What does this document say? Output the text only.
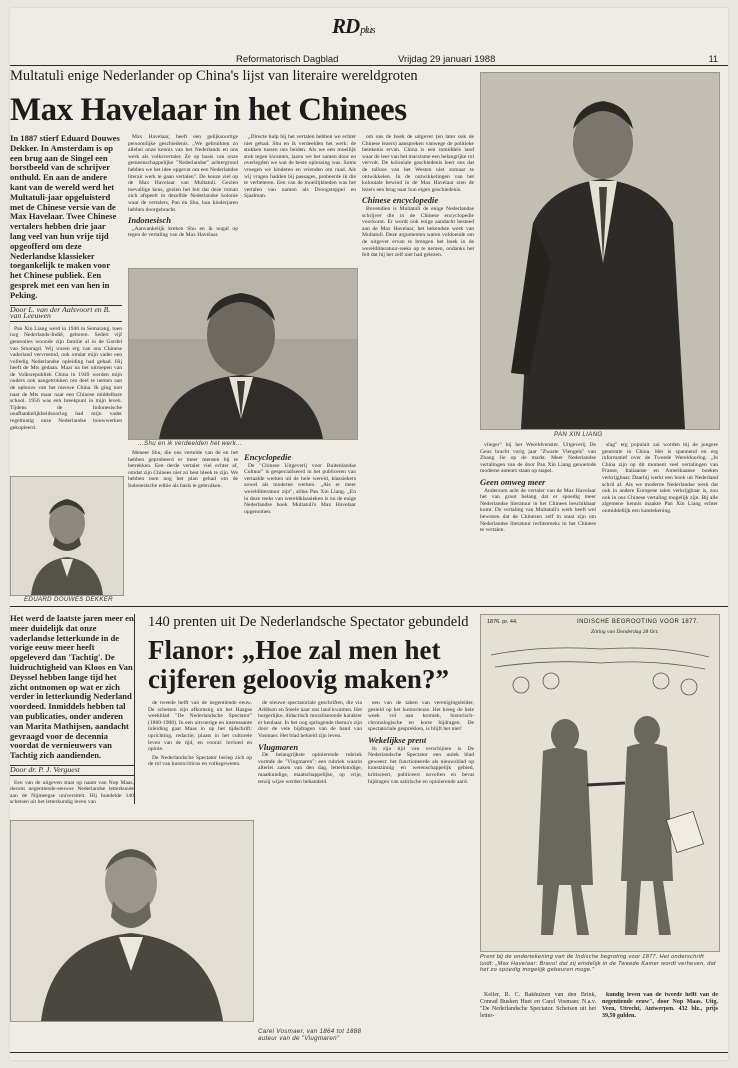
RDplus
Reformatorisch Dagblad	Vrijdag 29 januari 1988	11
Multatuli enige Nederlander op China's lijst van literaire wereldgroten
Max Havelaar in het Chinees
In 1887 stierf Eduard Douwes Dekker. In Amsterdam is op een brug aan de Singel een borstbeeld van de schrijver onthuld. En aan de andere kant van de wereld werd het Multatuli-jaar opgeluisterd met de Chinese versie van de Max Havelaar. Twee Chinese vertalers hebben drie jaar lang veel van hun vrije tijd opgeofferd om deze Nederlandse klassieker toegankelijk te maken voor het Chinese publiek. Een gesprek met een van hen in Peking.
Door L. van der Aalsvoort en B. van Leeuwen

Pan Xin Liang werd in 1940 in Semarang, toen nog Nederlands-Indië, geboren. Sedert vijf generaties woonde zijn familie al in de Gordel van Smaragd. Wij waren erg van ons Chinese vaderland vervreemd, ook omdat mijn vader een volledig Nederlandse opleiding had gehad. Hij heeft de Mts gedaan. Maar na het uitroepen van de Volksrepubliek China in 1949 werden mijn ouders ook aangetrokken om deel te nemen aan de opbouw van het nieuwe China. Ik ging niet naar de Mts maar naar een Chinese middelbare school. 1956 was een breekpunt in mijn leven. Tijdens de Indonesische onafhankelijkheidsoorlog had mijn vader regelmatig onze Nederlandse bouwwerken gekopieerd.

EDUARD DOUWES DEKKER

Max Havelaar, heeft een gelijksoortige persoonlijke geschiedenis. „We gebruikten zo allebei onze kennis van het Nederlands en ons werk als volksvertaler. Ze op basis van onze gemeenschappelijke "Nederlandse" achtergrond hebben we het idee opgevat om een Nederlandse literair werk te gaan vertalen". De keuze viel op de Max Havelaar van Multatuli. Gezien toevallige keus, gezien het feit dat deze roman zich afspeelt in dezelfde Nederlandse kolonie waar de vertalers, Pan en Shu, hun kinderjaren hebben doorgebracht.

Indonesisch

„Aanvankelijk kreken Shu en ik nogal op tegen de vertaling van de Max Havelaar.

„Directe hulp bij het vertalen hebben we echter niet gehad. Shu en ik verdeelden het werk: de stukken tussen ons beiden. Als we een moeilijk stuk tegen kwamen, lazen we het samen door en overlegden we wat de beste oplossing was. Soms vroegen we kinderen en vrienden om raad. Als wij vragen hadden bij passages, probeerde ik die te verbeteren. Een van de moeilijkheden was het vertalen van namen als Droogstoppel en Sjaalman.

...Shu en ik verdeelden het werk...

Meneer Shu, die ons vertelde van de en het hebben geprobeerd er meer mensen bij te betrekken. Een derde vertaler viel echter af, omdat zijn Chinees niet zo best bleek te zijn. We hebben toen nog het plan gehad om de Indonesische editie als basis te gebruiken.

Encyclopedie

De "Chinese Uitgeverij voor Buitenlandse Cultuur" is gespecialiseerd in het publiceren van vertaalde werken uit de hele wereld, klassiekers zowel als moderne werken. „Als er meer wereldliteratuur zijn", aldus Pan Xin Liang. „En in deze reeks van wereldklassieken is nu de enige Nederlandse boek Multatuli's Max Havelaar opgenomen.

om ons de boek de uitgever (en later ook de Chinese lezers) aanspreken vanwege de politieke betekenis ervan. China is een inmiddels land waar de leer van het marxisme een belangrijke rol vervult. De koloniale geschiedenis leert ons dat de talloos van het Westen niet zomaar te ontwikkelen. In de ontwikkelingen van het koloniale bewind in de Max Havelaar zien de lezers een brug naar hun eigen geschiedenis.

Chinese encyclopedie

Bovendien is Multatuli de enige Nederlandse schrijver die in de Chinese encyclopedie voorkomt. Er wordt ook enige aandacht besteed aan de Max Havelaar, het bekendste werk van Multatuli. Deze argumenten waren voldoende om de uitgever ervan te brengen het boek in de wereldliteratuur-reeks op te nemen, ondanks het feit dat hij het zelf niet had gelezen.

PAN XIN LIANG

vlieger" bij het Wereldvenster. Uitgeverij De Geus bracht vorig jaar "Zwarte Vlengels" van Zhang Jie op de markt. Meer Nederlandse vertalingen van de door Pan Xin Liang genoemde moderne auteurs staan op stapel.

Geen omweg meer

Anderzom acht de vertaler van de Max Havelaar het van groot belang dat er spoedig meer Nederlandse literatuur in het Chinees beschikbaar komt. De vertaling van Multatuli's werk heeft wel bewezen dat de Chinezen zelf in staat zijn om Nederlandse literatuur rechtstreeks in het Chinees te vertalen.

slag" erg populair zal worden bij de jongere generatie in China. Het is spannend en erg informatief over de Tweede Wereldoorlog. „In China zijn op dit moment veel vertalingen van Franse, Italiaanse en Amerikaanse boeken verkrijgbaar. Daarbij werkt een boek uit Nederland schril af. Als we moderne Nederlandse werk dat ook in andere Europese talen verkrijgbaar is, zou ook in ons Chinese vertaling mogelijk zijn. Bij alle algemene kennis maakte Pan Xin Liang echter onmiddellijk een kanttekening.

Het werd de laatste jaren meer en meer duidelijk dat onze vaderlandse letterkunde in de vorige eeuw meer heeft opgeleverd dan 'Tachtig'. De luidruchtigheid van Kloos en Van Deyssel hebben lange tijd het zicht ontnomen op wat er zich verder in letterkundig Nederland voordeed. Inmiddels hebben tal van publicaties, onder anderen van Marita Mathijsen, aandacht gevraagd voor de decennia voordat de vernieuwers van Tachtig zich aandienden.
Door dr. P. J. Verguest

Een van de uitgeven staat op naam van Nop Maas, docent negentiende-eeuwse Nederlandse letterkunde aan de Nijmeegse universiteit. Hij bundelde 140 schetsen uit het letterkundig leven van

140 prenten uit De Nederlandsche Spectator gebundeld
Flanor: „Hoe zal men het cijferen geloovig maken?”

de tweede helft van de negentiende eeuw. De schetsen zijn afkomstig uit het Haagse weekblad "De Nederlandsche Spectator" (1860-1908). In een uitvoerige en interessante inleiding gaat Maas in op het tijdschrift: oprichting, redactie, plaats in het culturele leven van de tijd, en vooral: invloed en opinie.

De Nederlandsche Spectator beriep zich op de rol van kunstcriticus en volksgeweten.

de nieuwe spectatoriale geschriften, die via Addison en Steele naar ons land kwamen. Het burgerlijke, didactisch moraliserende karakter er kenbaar. In het oog springende thema's zijn door de vele bijdragen van de hand van Vosmaer. Het blad behield zijn leven.

Vlugmaren

De belangrijkste opinierende rubriek vormde de "Vlugmaren": een rubriek waarin allerlei zaken van den dag, letterkundige, maatkundige, maatschappelijke, op vrije, tenzij wijze werden behandeld.

een van de taken van verenigingsleider, gesteld op het humorieuze. Het kreeg de hele week vol aan kroniek, historisch-chronologische en korte bijdragen. De spectatoriale gesprekken, is blijft het niet!

Wekelijkse prent

In zijn tijd van verschijnen is De Nederlandsche Spectator een uniek blad geweest: het functioneerde als nieuwsblad op kunstzinnig en wetenschappelijk gebied, kritisceert, publiceert novellen en bevat bijdragen van satirische en opinierende aard.

Carel Vosmaer, van 1864 tot 1888 auteur van de "Vlugmaren"
1876. pr. 44.	INDISCHE BEGROOTING VOOR 1877.
Zitting van Donderdag 28 Oct.
Prent bij de ondertekening van de Indische begroting voor 1877. Het onderschrift luidt: „Max Havelaar: Bravo! dat zij eindelijk in de Tweede Kamer wordt verheven, dat het zo spoedig mogelijk gebeuren moge."

Keller, R. C. Bakhuizen van den Brink, Conrad Busken Huet en Carel Vosmaer. N.a.v. "De Nederlandsche Spectator. Schetsen uit het letter-

kundig leven van de tweede helft van de negentiende eeuw", door Nop Maas. Uitg. Veen, Utrecht, Antwerpen. 432 blz., prijs 39,50 gulden.
